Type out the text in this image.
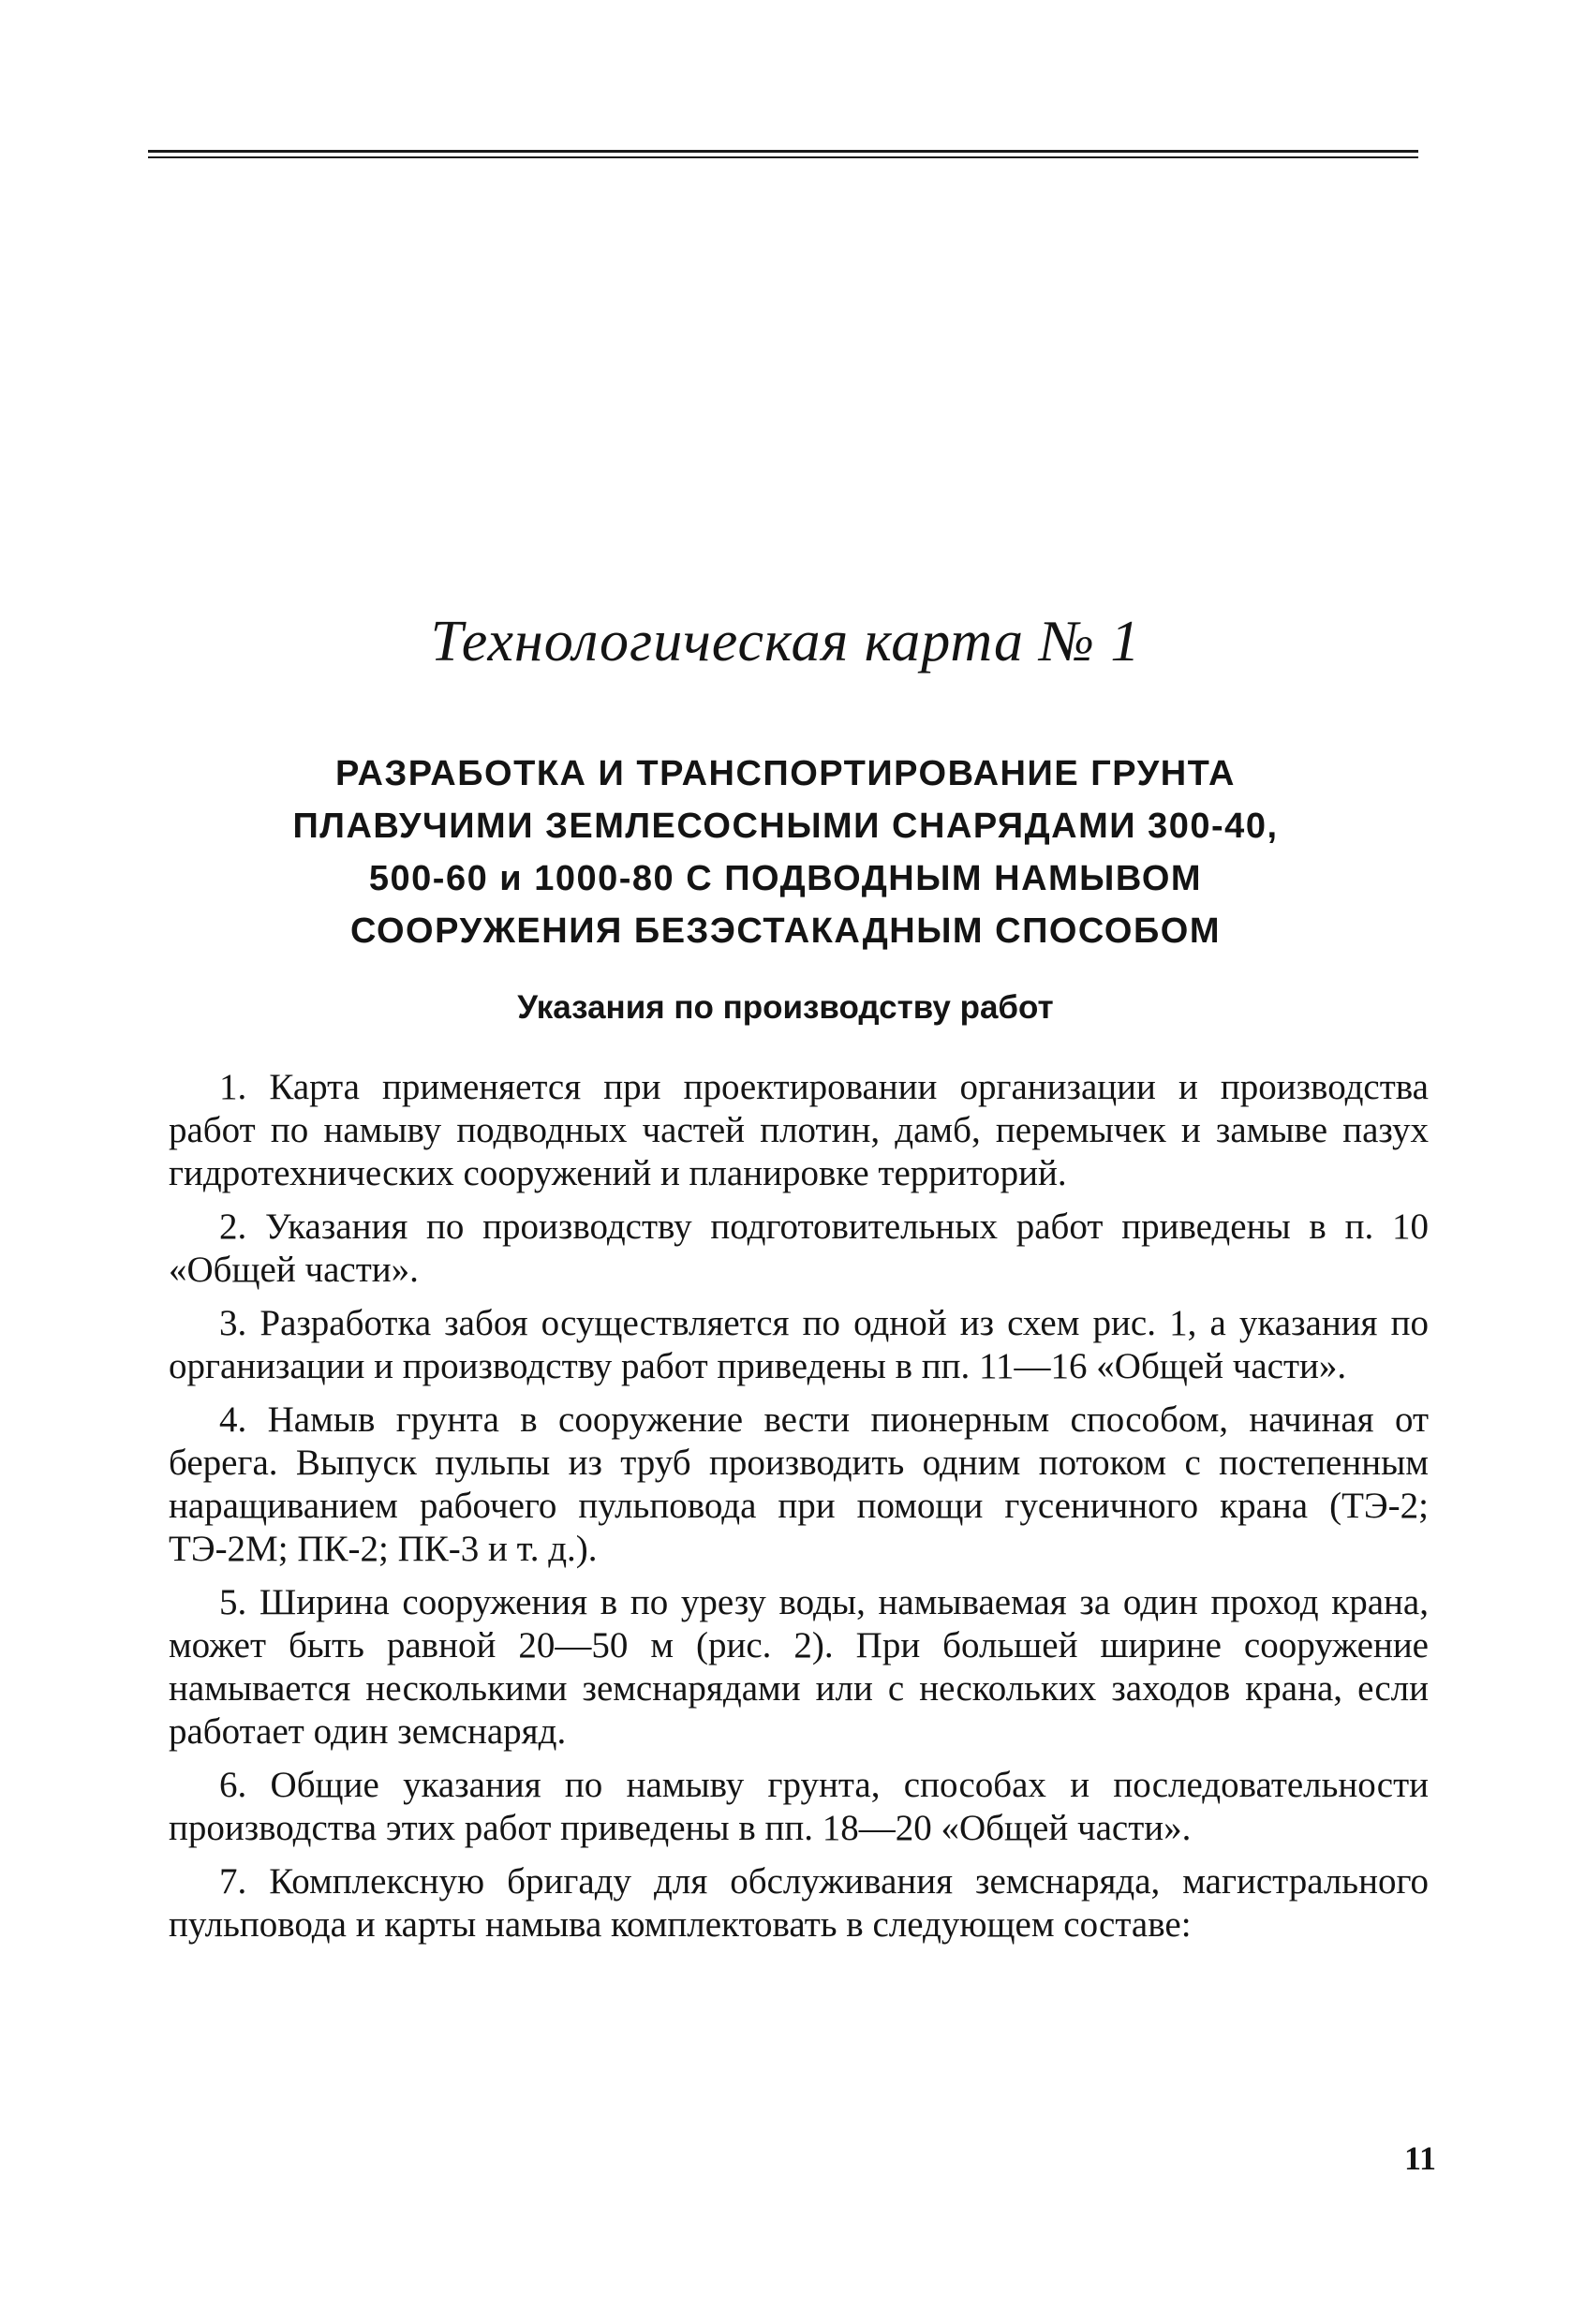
Технологическая карта № 1
РАЗРАБОТКА И ТРАНСПОРТИРОВАНИЕ ГРУНТА
ПЛАВУЧИМИ ЗЕМЛЕСОСНЫМИ СНАРЯДАМИ 300-40,
500-60 и 1000-80 С ПОДВОДНЫМ НАМЫВОМ
СООРУЖЕНИЯ БЕЗЭСТАКАДНЫМ СПОСОБОМ
Указания по производству работ

1. Карта применяется при проектировании организации и производства работ по намыву подводных частей плотин, дамб, перемычек и замыве пазух гидротехнических сооружений и планировке территорий.

2. Указания по производству подготовительных работ приведены в п. 10 «Общей части».

3. Разработка забоя осуществляется по одной из схем рис. 1, а указания по организации и производству работ приведены в пп. 11—16 «Общей части».

4. Намыв грунта в сооружение вести пионерным способом, начиная от берега. Выпуск пульпы из труб производить одним потоком с постепенным наращиванием рабочего пульповода при помощи гусеничного крана (ТЭ-2; ТЭ-2М; ПК-2; ПК-3 и т. д.).

5. Ширина сооружения в по урезу воды, намываемая за один проход крана, может быть равной 20—50 м (рис. 2). При большей ширине сооружение намывается несколькими земснарядами или с нескольких заходов крана, если работает один земснаряд.

6. Общие указания по намыву грунта, способах и последовательности производства этих работ приведены в пп. 18—20 «Общей части».

7. Комплексную бригаду для обслуживания земснаряда, магистрального пульповода и карты намыва комплектовать в следующем составе:

11
